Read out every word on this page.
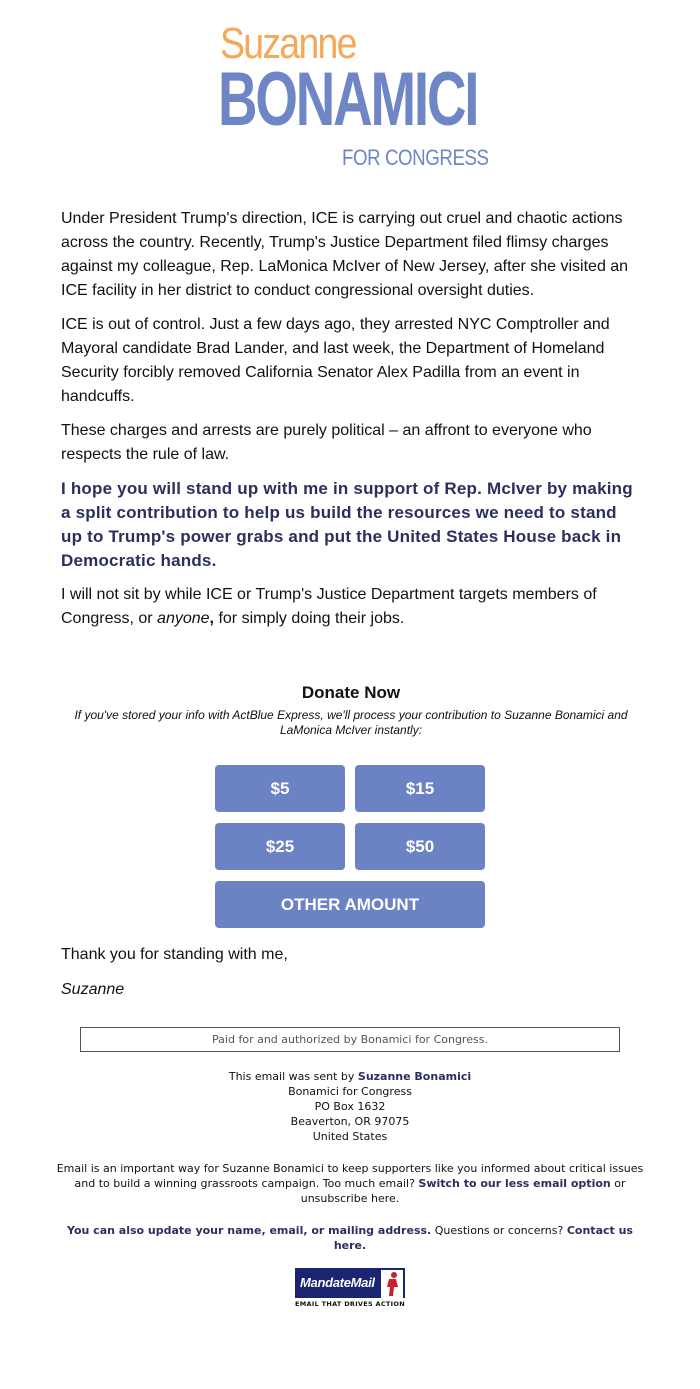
Suzanne
BONAMICI
FOR CONGRESS

Under President Trump's direction, ICE is carrying out cruel and chaotic actions across the country. Recently, Trump's Justice Department filed flimsy charges against my colleague, Rep. LaMonica McIver of New Jersey, after she visited an ICE facility in her district to conduct congressional oversight duties.

ICE is out of control. Just a few days ago, they arrested NYC Comptroller and Mayoral candidate Brad Lander, and last week, the Department of Homeland Security forcibly removed California Senator Alex Padilla from an event in handcuffs.

These charges and arrests are purely political – an affront to everyone who respects the rule of law.

I hope you will stand up with me in support of Rep. McIver by making a split contribution to help us build the resources we need to stand up to Trump's power grabs and put the United States House back in Democratic hands.

I will not sit by while ICE or Trump's Justice Department targets members of Congress, or anyone, for simply doing their jobs.

Donate Now

If you've stored your info with ActBlue Express, we'll process your contribution to Suzanne Bonamici and LaMonica McIver instantly:

$5	$15
$25	$50
OTHER AMOUNT
Thank you for standing with me,
Suzanne
Paid for and authorized by Bonamici for Congress.
This email was sent by Suzanne Bonamici
Bonamici for Congress
PO Box 1632
Beaverton, OR 97075
United States
Email is an important way for Suzanne Bonamici to keep supporters like you informed about critical issues and to build a winning grassroots campaign. Too much email? Switch to our less email option or unsubscribe here.
You can also update your name, email, or mailing address. Questions or concerns? Contact us here.
MandateMail
EMAIL THAT DRIVES ACTION
